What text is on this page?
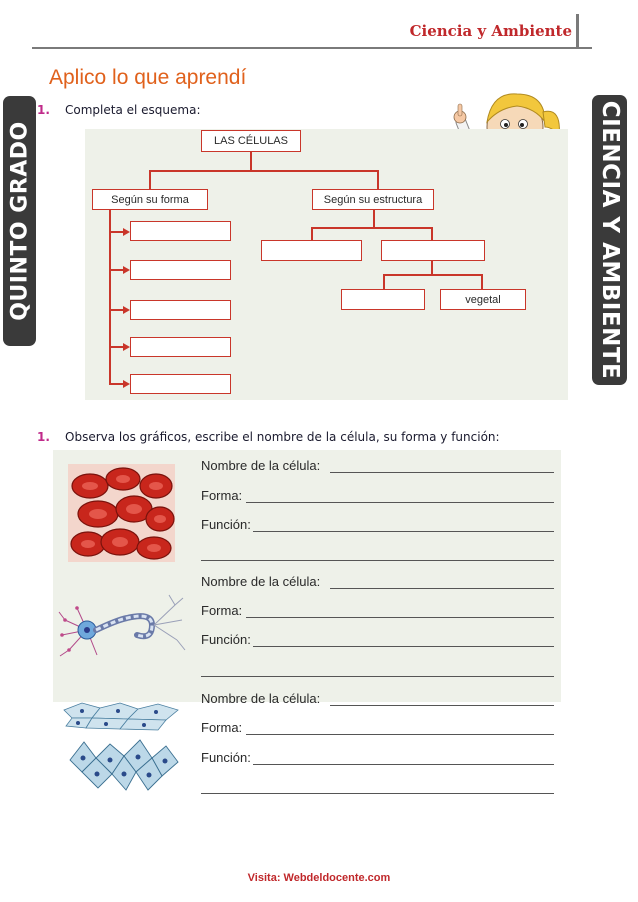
Ciencia y Ambiente
QUINTO GRADO	CIENCIA Y AMBIENTE
Aplico lo que aprendí
1. Completa el esquema:
LAS CÉLULAS
Según su forma	Según su estructura
vegetal
1. Observa los gráficos, escribe el nombre de la célula, su forma y función:
Nombre de la célula:
Forma:
Función:
Nombre de la célula:
Forma:
Función:
Nombre de la célula:
Forma:
Función:
Visita: Webdeldocente.com
